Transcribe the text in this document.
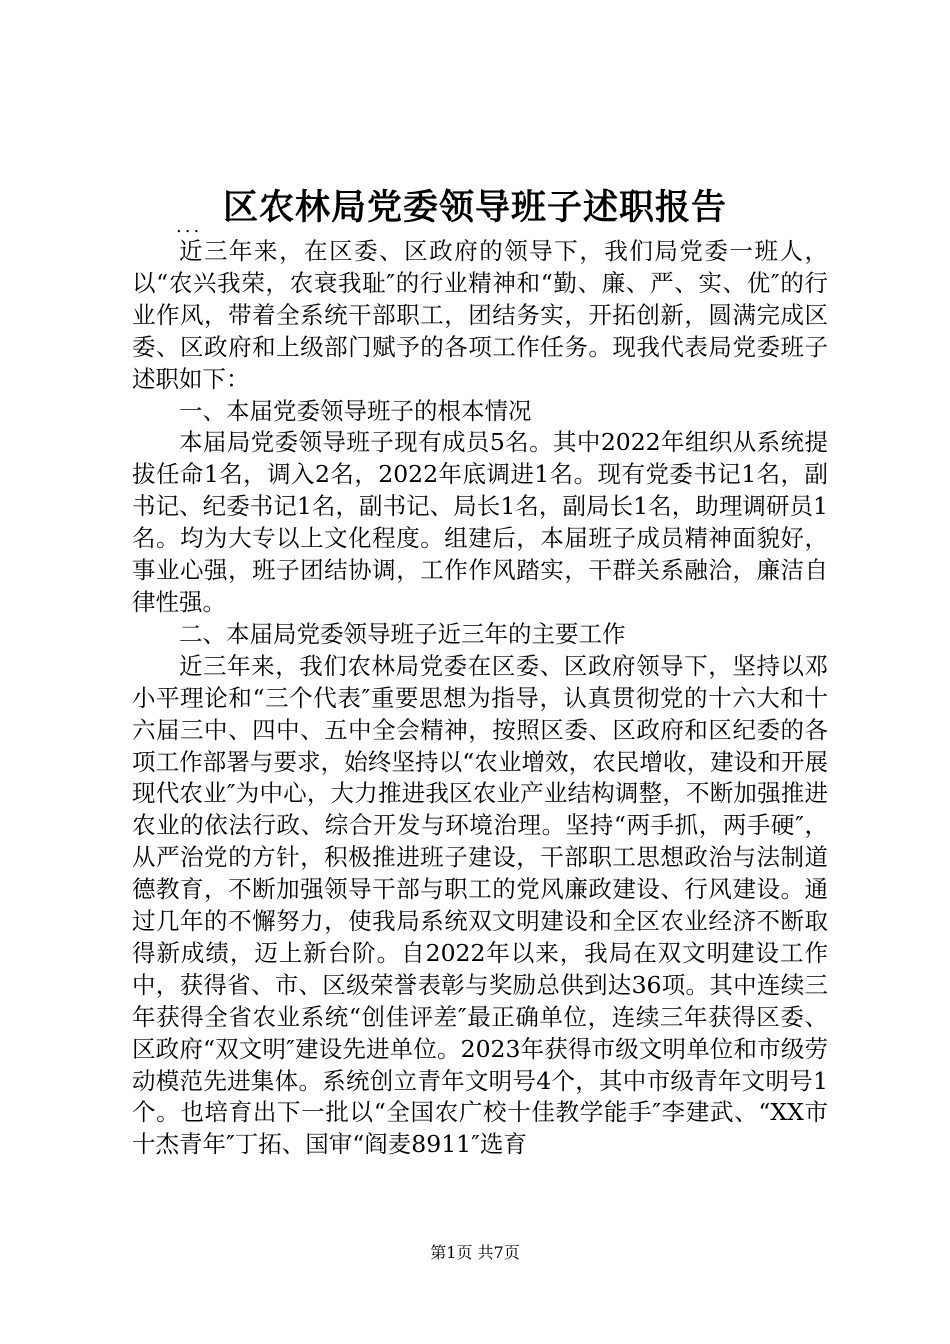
区农林局党委领导班子述职报告
...

近三年来，在区委、区政府的领导下，我们局党委一班人，以“农兴我荣，农衰我耻″的行业精神和“勤、廉、严、实、优″的行业作风，带着全系统干部职工，团结务实，开拓创新，圆满完成区委、区政府和上级部门赋予的各项工作任务。现我代表局党委班子述职如下：

一、本届党委领导班子的根本情况

本届局党委领导班子现有成员5名。其中2022年组织从系统提拔任命1名，调入2名，2022年底调进1名。现有党委书记1名，副书记、纪委书记1名，副书记、局长1名，副局长1名，助理调研员1名。均为大专以上文化程度。组建后，本届班子成员精神面貌好，事业心强，班子团结协调，工作作风踏实，干群关系融洽，廉洁自律性强。

二、本届局党委领导班子近三年的主要工作

近三年来，我们农林局党委在区委、区政府领导下，坚持以邓小平理论和“三个代表″重要思想为指导，认真贯彻党的十六大和十六届三中、四中、五中全会精神，按照区委、区政府和区纪委的各项工作部署与要求，始终坚持以“农业增效，农民增收，建设和开展现代农业″为中心，大力推进我区农业产业结构调整，不断加强推进农业的依法行政、综合开发与环境治理。坚持“两手抓，两手硬″，从严治党的方针，积极推进班子建设，干部职工思想政治与法制道德教育，不断加强领导干部与职工的党风廉政建设、行风建设。通过几年的不懈努力，使我局系统双文明建设和全区农业经济不断取得新成绩，迈上新台阶。自2022年以来，我局在双文明建设工作中，获得省、市、区级荣誉表彰与奖励总供到达36项。其中连续三年获得全省农业系统“创佳评差″最正确单位，连续三年获得区委、区政府“双文明″建设先进单位。2023年获得市级文明单位和市级劳动模范先进集体。系统创立青年文明号4个，其中市级青年文明号1个。也培育出下一批以“全国农广校十佳教学能手″李建武、“XX市十杰青年″丁拓、国审“阎麦8911″选育

第1页 共7页
